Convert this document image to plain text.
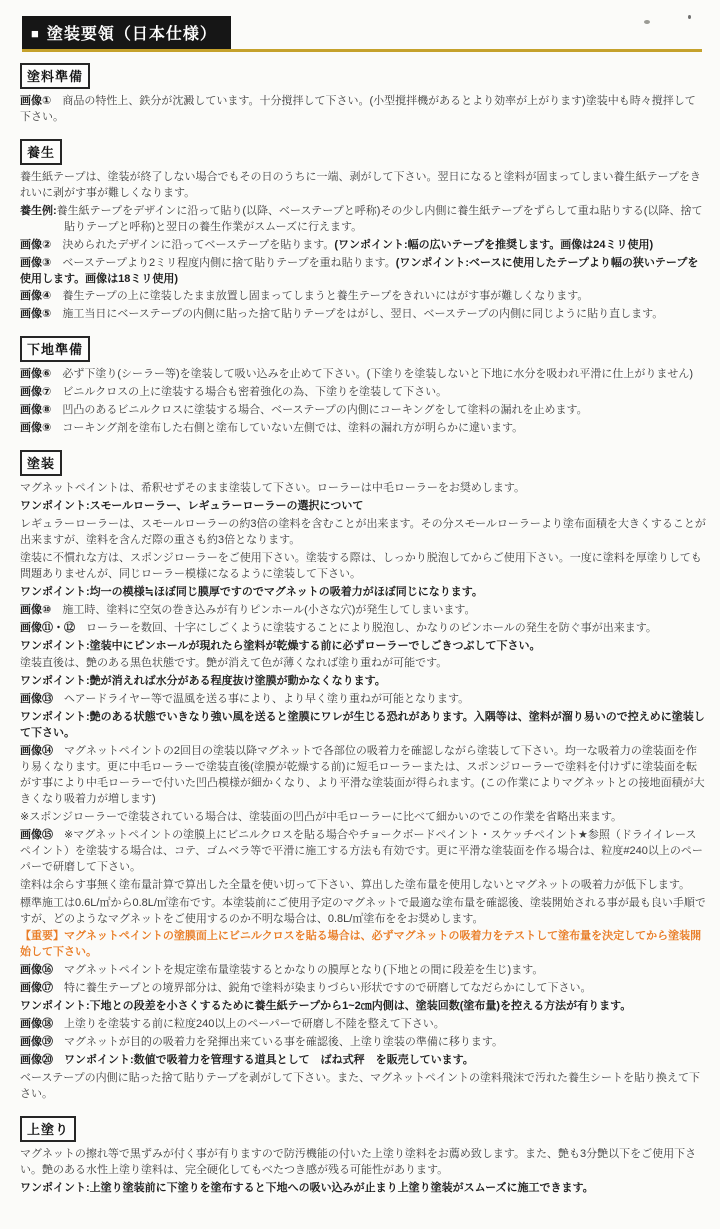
■ 塗装要領（日本仕様）
塗料準備

画像①　商品の特性上、鉄分が沈澱しています。十分撹拌して下さい。(小型撹拌機があるとより効率が上がります)塗装中も時々撹拌して下さい。

養生

養生紙テープは、塗装が終了しない場合でもその日のうちに一端、剥がして下さい。翌日になると塗料が固まってしまい養生紙テープをきれいに剥がす事が難しくなります。

養生例:養生紙テープをデザインに沿って貼り(以降、ベーステープと呼称)その少し内側に養生紙テープをずらして重ね貼りする(以降、捨て貼りテープと呼称)と翌日の養生作業がスムーズに行えます。

画像②　決められたデザインに沿ってベーステープを貼ります。(ワンポイント:幅の広いテープを推奨します。画像は24ミリ使用)

画像③　ベーステープより2ミリ程度内側に捨て貼りテープを重ね貼ります。(ワンポイント:ベースに使用したテープより幅の狭いテープを使用します。画像は18ミリ使用)

画像④　養生テープの上に塗装したまま放置し固まってしまうと養生テープをきれいにはがす事が難しくなります。

画像⑤　施工当日にベーステープの内側に貼った捨て貼りテープをはがし、翌日、ベーステープの内側に同じように貼り直します。

下地準備

画像⑥　必ず下塗り(シーラー等)を塗装して吸い込みを止めて下さい。(下塗りを塗装しないと下地に水分を吸われ平滑に仕上がりません)

画像⑦　ビニルクロスの上に塗装する場合も密着強化の為、下塗りを塗装して下さい。

画像⑧　凹凸のあるビニルクロスに塗装する場合、ベーステープの内側にコーキングをして塗料の漏れを止めます。

画像⑨　コーキング剤を塗布した右側と塗布していない左側では、塗料の漏れ方が明らかに違います。

塗装

マグネットペイントは、希釈せずそのまま塗装して下さい。ローラーは中毛ローラーをお奨めします。

ワンポイント:スモールローラー、レギュラーローラーの選択について

レギュラーローラーは、スモールローラーの約3倍の塗料を含むことが出来ます。その分スモールローラーより塗布面積を大きくすることが出来ますが、塗料を含んだ際の重さも約3倍となります。

塗装に不慣れな方は、スポンジローラーをご使用下さい。塗装する際は、しっかり脱泡してからご使用下さい。一度に塗料を厚塗りしても問題ありませんが、同じローラー模様になるように塗装して下さい。

ワンポイント:均一の模様≒ほぼ同じ膜厚ですのでマグネットの吸着力がほぼ同じになります。

画像⑩　施工時、塗料に空気の巻き込みが有りピンホール(小さな穴)が発生してしまいます。

画像⑪・⑫　ローラーを数回、十字にしごくように塗装することにより脱泡し、かなりのピンホールの発生を防ぐ事が出来ます。

ワンポイント:塗装中にピンホールが現れたら塗料が乾燥する前に必ずローラーでしごきつぶして下さい。

塗装直後は、艶のある黒色状態です。艶が消えて色が薄くなれば塗り重ねが可能です。

ワンポイント:艶が消えれば水分がある程度抜け塗膜が動かなくなります。

画像⑬　ヘアードライヤー等で温風を送る事により、より早く塗り重ねが可能となります。

ワンポイント:艶のある状態でいきなり強い風を送ると塗膜にワレが生じる恐れがあります。入隅等は、塗料が溜り易いので控えめに塗装して下さい。

画像⑭　マグネットペイントの2回目の塗装以降マグネットで各部位の吸着力を確認しながら塗装して下さい。均一な吸着力の塗装面を作り易くなります。更に中毛ローラーで塗装直後(塗膜が乾燥する前)に短毛ローラーまたは、スポンジローラーで塗料を付けずに塗装面を転がす事により中毛ローラーで付いた凹凸模様が細かくなり、より平滑な塗装面が得られます。(この作業によりマグネットとの接地面積が大きくなり吸着力が増します)

※スポンジローラーで塗装されている場合は、塗装面の凹凸が中毛ローラーに比べて細かいのでこの作業を省略出来ます。

画像⑮　※マグネットペイントの塗膜上にビニルクロスを貼る場合やチョークボードペイント・スケッチペイント★参照（ドライイレースペイント）を塗装する場合は、コテ、ゴムベラ等で平滑に施工する方法も有効です。更に平滑な塗装面を作る場合は、粒度#240以上のペーパーで研磨して下さい。

塗料は余らす事無く塗布量計算で算出した全量を使い切って下さい、算出した塗布量を使用しないとマグネットの吸着力が低下します。

標準施工は0.6L/㎡から0.8L/㎡塗布です。本塗装前にご使用予定のマグネットで最適な塗布量を確認後、塗装開始される事が最も良い手順ですが、どのようなマグネットをご使用するのか不明な場合は、0.8L/㎡塗布ををお奨めします。

【重要】マグネットペイントの塗膜面上にビニルクロスを貼る場合は、必ずマグネットの吸着力をテストして塗布量を決定してから塗装開始して下さい。

画像⑯　マグネットペイントを規定塗布量塗装するとかなりの膜厚となり(下地との間に段差を生じ)ます。

画像⑰　特に養生テープとの境界部分は、鋭角で塗料が染まりづらい形状ですので研磨してなだらかにして下さい。

ワンポイント:下地との段差を小さくするために養生紙テープから1~2㎝内側は、塗装回数(塗布量)を控える方法が有ります。

画像⑱　上塗りを塗装する前に粒度240以上のペーパーで研磨し不陸を整えて下さい。

画像⑲　マグネットが目的の吸着力を発揮出来ている事を確認後、上塗り塗装の準備に移ります。

画像⑳　ワンポイント:数値で吸着力を管理する道具として　ばね式秤　を販売しています。

ベーステープの内側に貼った捨て貼りテープを剥がして下さい。また、マグネットペイントの塗料飛沫で汚れた養生シートを貼り換えて下さい。

上塗り

マグネットの擦れ等で黒ずみが付く事が有りますので防汚機能の付いた上塗り塗料をお薦め致します。また、艶も3分艶以下をご使用下さい。艶のある水性上塗り塗料は、完全硬化してもべたつき感が残る可能性があります。

ワンポイント:上塗り塗装前に下塗りを塗布すると下地への吸い込みが止まり上塗り塗装がスムーズに施工できます。
